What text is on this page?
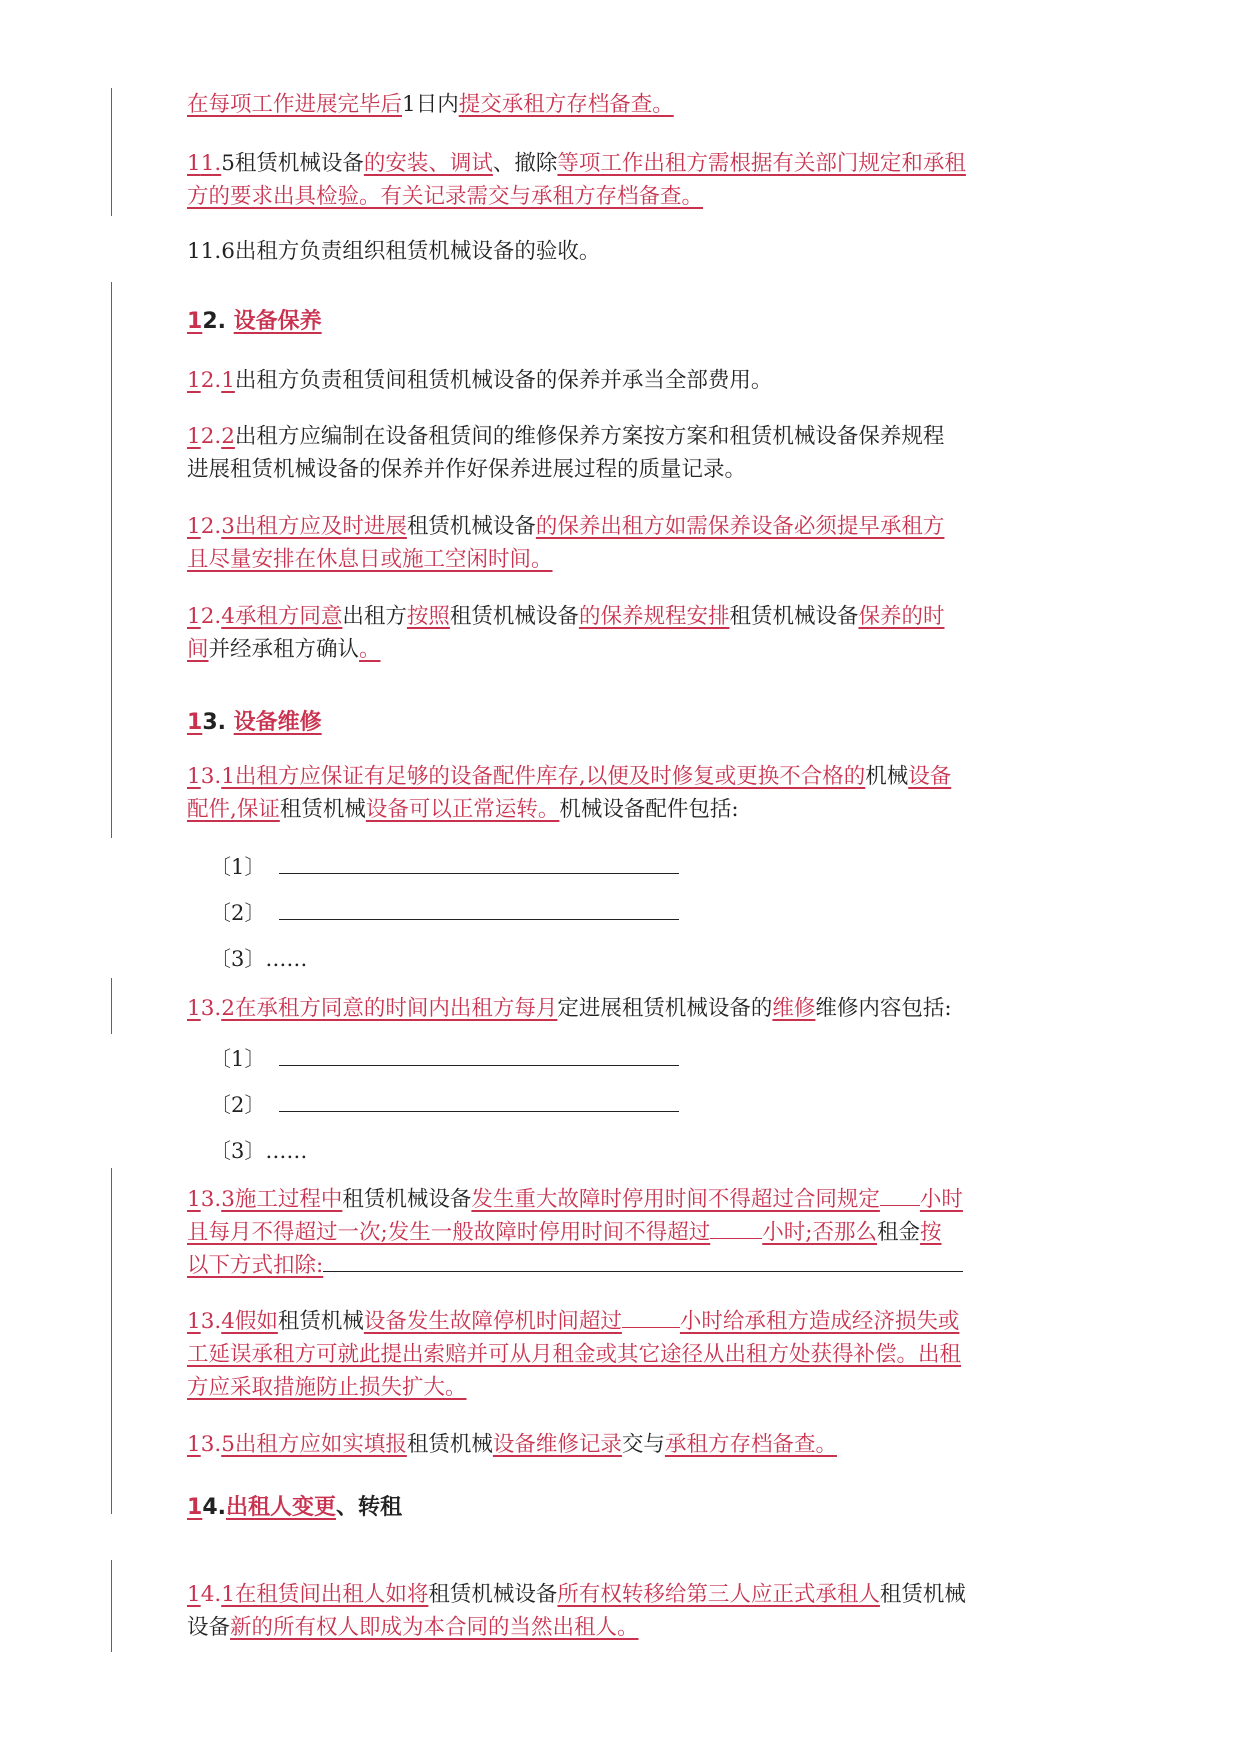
在每项工作进展完毕后1日内提交承租方存档备查。

11.5租赁机械设备的安装、调试、撤除等项工作出租方需根据有关部门规定和承租
方的要求出具检验。有关记录需交与承租方存档备查。

11.6出租方负责组织租赁机械设备的验收。

12. 设备保养

12.1出租方负责租赁间租赁机械设备的保养并承当全部费用。

12.2出租方应编制在设备租赁间的维修保养方案按方案和租赁机械设备保养规程
进展租赁机械设备的保养并作好保养进展过程的质量记录。

12.3出租方应及时进展租赁机械设备的保养出租方如需保养设备必须提早承租方
且尽量安排在休息日或施工空闲时间。

12.4承租方同意出租方按照租赁机械设备的保养规程安排租赁机械设备保养的时
间并经承租方确认。

13. 设备维修

13.1出租方应保证有足够的设备配件库存,以便及时修复或更换不合格的机械设备
配件,保证租赁机械设备可以正常运转。机械设备配件包括:

〔1〕
〔2〕
〔3〕……

13.2在承租方同意的时间内出租方每月定进展租赁机械设备的维修维修内容包括:

〔1〕
〔2〕
〔3〕……

13.3施工过程中租赁机械设备发生重大故障时停用时间不得超过合同规定 小时
且每月不得超过一次;发生一般故障时停用时间不得超过 小时;否那么租金按
以下方式扣除:

13.4假如租赁机械设备发生故障停机时间超过	小时给承租方造成经济损失或
工延误承租方可就此提出索赔并可从月租金或其它途径从出租方处获得补偿。出租
方应采取措施防止损失扩大。

13.5出租方应如实填报租赁机械设备维修记录交与承租方存档备查。

14.出租人变更、转租

14.1在租赁间出租人如将租赁机械设备所有权转移给第三人应正式承租人租赁机械
设备新的所有权人即成为本合同的当然出租人。
